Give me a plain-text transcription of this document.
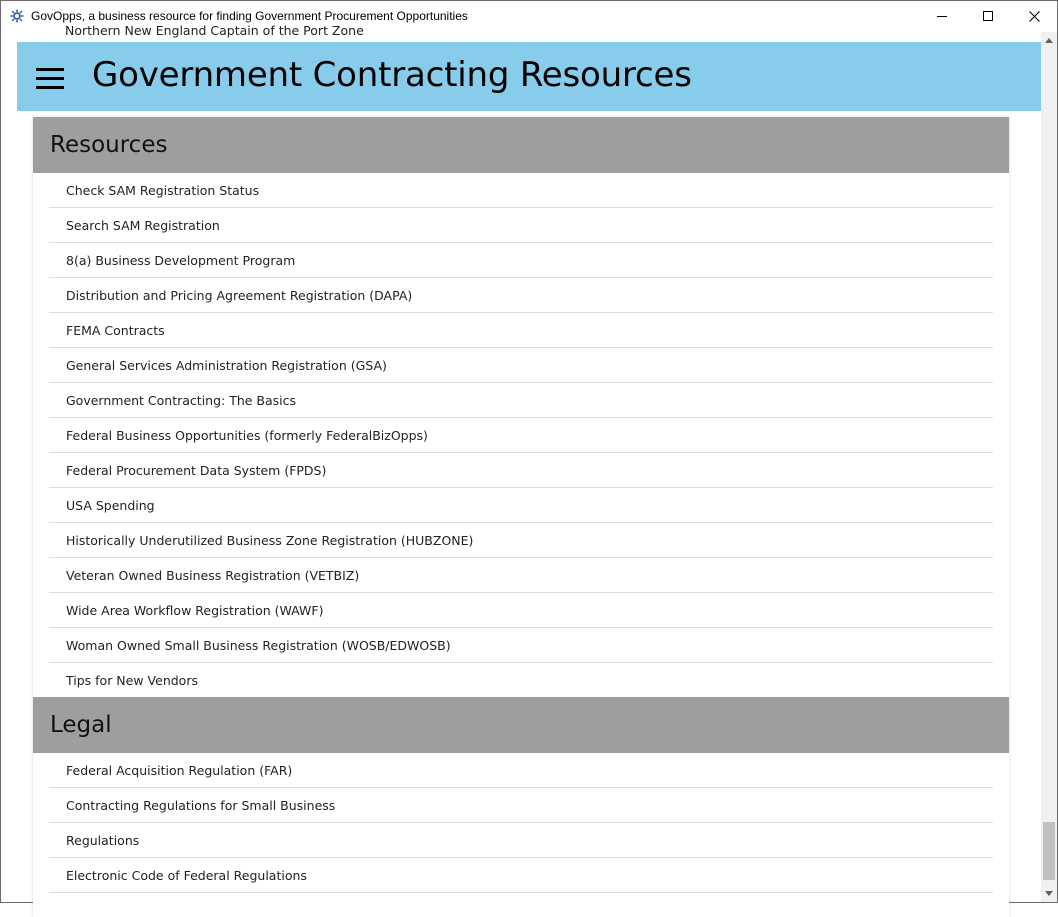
GovOpps, a business resource for finding Government Procurement Opportunities
Northern New England Captain of the Port Zone
Resources
Check SAM Registration Status
Search SAM Registration
8(a) Business Development Program
Distribution and Pricing Agreement Registration (DAPA)
FEMA Contracts
General Services Administration Registration (GSA)
Government Contracting: The Basics
Federal Business Opportunities (formerly FederalBizOpps)
Federal Procurement Data System (FPDS)
USA Spending
Historically Underutilized Business Zone Registration (HUBZONE)
Veteran Owned Business Registration (VETBIZ)
Wide Area Workflow Registration (WAWF)
Woman Owned Small Business Registration (WOSB/EDWOSB)
Tips for New Vendors
Legal
Federal Acquisition Regulation (FAR)
Contracting Regulations for Small Business
Regulations
Electronic Code of Federal Regulations
Government Contracting Resources
